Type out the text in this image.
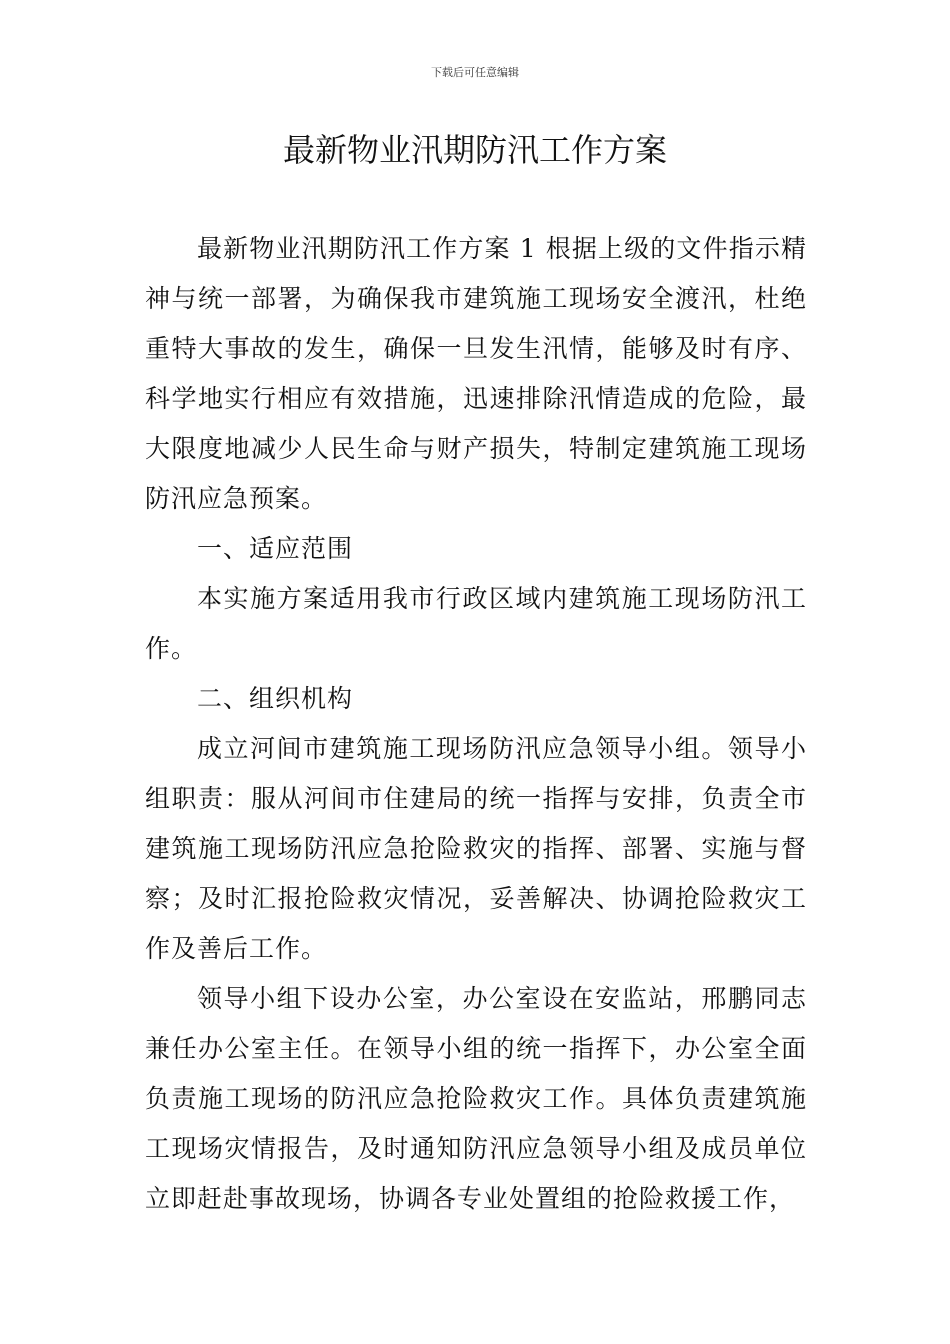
下载后可任意编辑
最新物业汛期防汛工作方案

最新物业汛期防汛工作方案 1 根据上级的文件指示精神与统一部署，为确保我市建筑施工现场安全渡汛，杜绝重特大事故的发生，确保一旦发生汛情，能够及时有序、科学地实行相应有效措施，迅速排除汛情造成的危险，最大限度地减少人民生命与财产损失，特制定建筑施工现场防汛应急预案。

一、适应范围

本实施方案适用我市行政区域内建筑施工现场防汛工作。

二、组织机构

成立河间市建筑施工现场防汛应急领导小组。领导小组职责：服从河间市住建局的统一指挥与安排，负责全市建筑施工现场防汛应急抢险救灾的指挥、部署、实施与督察；及时汇报抢险救灾情况，妥善解决、协调抢险救灾工作及善后工作。

领导小组下设办公室，办公室设在安监站，邢鹏同志兼任办公室主任。在领导小组的统一指挥下，办公室全面负责施工现场的防汛应急抢险救灾工作。具体负责建筑施工现场灾情报告，及时通知防汛应急领导小组及成员单位立即赶赴事故现场，协调各专业处置组的抢险救援工作，
